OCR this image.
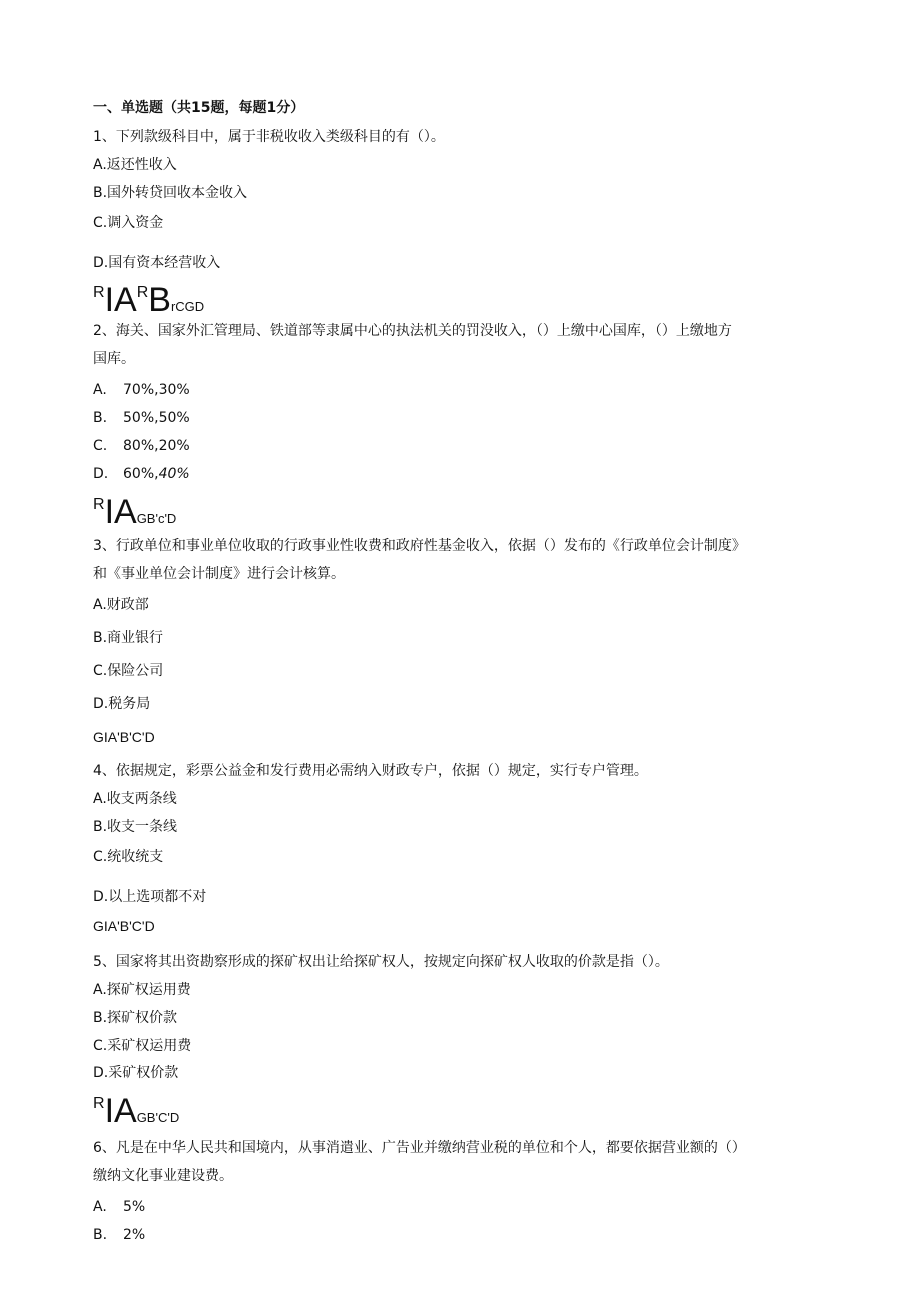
一、单选题（共15题，每题1分）
1、下列款级科目中，属于非税收收入类级科目的有（）。
A.返还性收入
B.国外转贷回收本金收入
C.调入资金
D.国有资本经营收入
RIARBrCGD
2、海关、国家外汇管理局、铁道部等隶属中心的执法机关的罚没收入，（）上缴中心国库，（）上缴地方
国库。
A. 70%,30%
B. 50%,50%
C. 80%,20%
D. 60%,40%
RIAGB'c'D
3、行政单位和事业单位收取的行政事业性收费和政府性基金收入，依据（）发布的《行政单位会计制度》
和《事业单位会计制度》进行会计核算。
A.财政部
B.商业银行
C.保险公司
D.税务局
GIA'B'C'D
4、依据规定，彩票公益金和发行费用必需纳入财政专户，依据（）规定，实行专户管理。
A.收支两条线
B.收支一条线
C.统收统支
D.以上选项都不对
GIA'B'C'D
5、国家将其出资勘察形成的探矿权出让给探矿权人，按规定向探矿权人收取的价款是指（）。
A.探矿权运用费
B.探矿权价款
C.采矿权运用费
D.采矿权价款
RIAGB'C'D
6、凡是在中华人民共和国境内，从事消遣业、广告业并缴纳营业税的单位和个人，都要依据营业额的（）
缴纳文化事业建设费。
A. 5%
B. 2%
